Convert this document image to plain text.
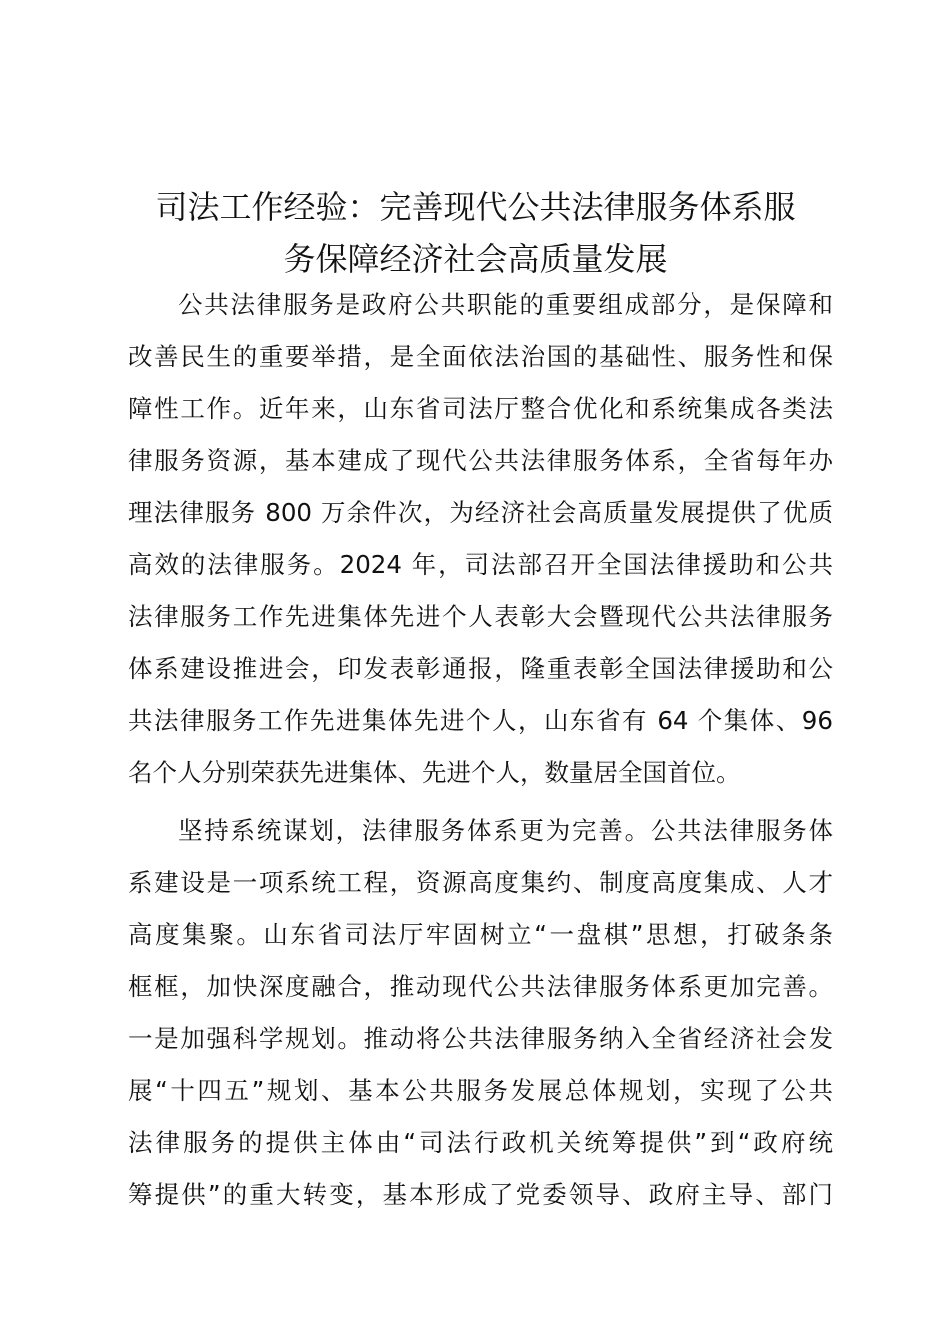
司法工作经验：完善现代公共法律服务体系服
务保障经济社会高质量发展
公共法律服务是政府公共职能的重要组成部分，是保障和
改善民生的重要举措，是全面依法治国的基础性、服务性和保
障性工作。近年来，山东省司法厅整合优化和系统集成各类法
律服务资源，基本建成了现代公共法律服务体系，全省每年办
理法律服务 800 万余件次，为经济社会高质量发展提供了优质
高效的法律服务。2024 年，司法部召开全国法律援助和公共
法律服务工作先进集体先进个人表彰大会暨现代公共法律服务
体系建设推进会，印发表彰通报，隆重表彰全国法律援助和公
共法律服务工作先进集体先进个人，山东省有 64 个集体、96
名个人分别荣获先进集体、先进个人，数量居全国首位。
坚持系统谋划，法律服务体系更为完善。公共法律服务体
系建设是一项系统工程，资源高度集约、制度高度集成、人才
高度集聚。山东省司法厅牢固树立“一盘棋”思想，打破条条
框框，加快深度融合，推动现代公共法律服务体系更加完善。
一是加强科学规划。推动将公共法律服务纳入全省经济社会发
展“十四五”规划、基本公共服务发展总体规划，实现了公共
法律服务的提供主体由“司法行政机关统筹提供”到“政府统
筹提供”的重大转变，基本形成了党委领导、政府主导、部门
